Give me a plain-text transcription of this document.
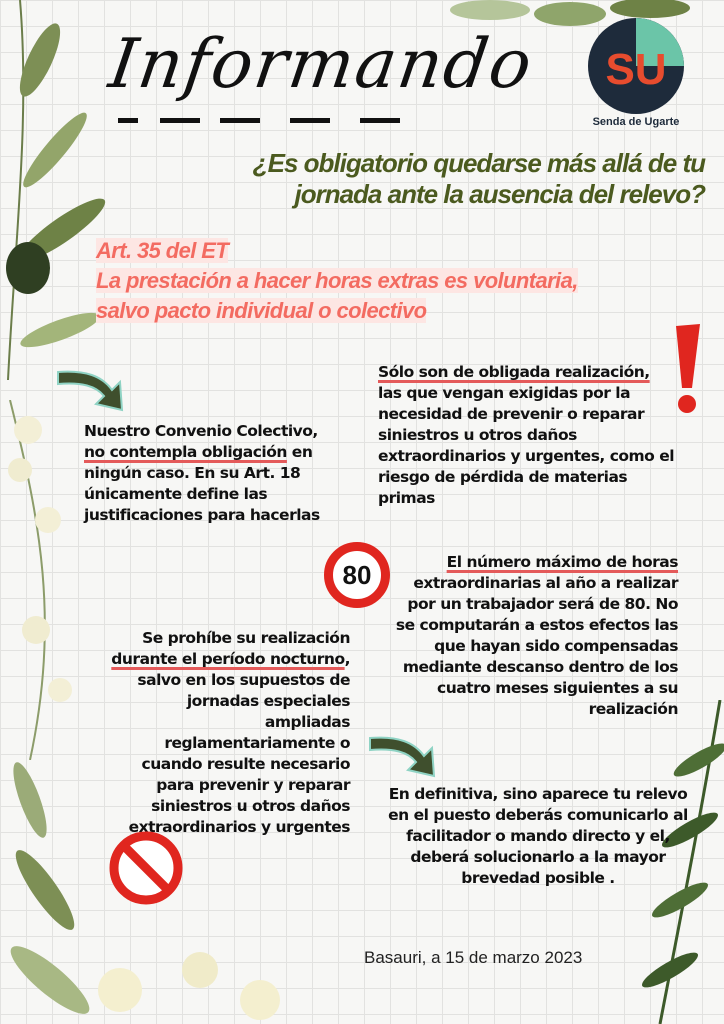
Informando SU
Senda de Ugarte
¿Es obligatorio quedarse más allá de tu jornada ante la ausencia del relevo?
Art. 35 del ET
La prestación a hacer horas extras es voluntaria, salvo pacto individual o colectivo
Nuestro Convenio Colectivo,
no contempla obligación en ningún caso. En su Art. 18 únicamente define las justificaciones para hacerlas
Sólo son de obligada realización, las que vengan exigidas por la necesidad de prevenir o reparar siniestros u otros daños extraordinarios y urgentes, como el riesgo de pérdida de materias primas
80	El número máximo de horas extraordinarias al año a realizar por un trabajador será de 80. No se computarán a estos efectos las que hayan sido compensadas mediante descanso dentro de los cuatro meses siguientes a su realización
Se prohíbe su realización
durante el período nocturno, salvo en los supuestos de jornadas especiales ampliadas reglamentariamente o cuando resulte necesario para prevenir y reparar siniestros u otros daños extraordinarios y urgentes
En definitiva, sino aparece tu relevo en el puesto deberás comunicarlo al facilitador o mando directo y el, deberá solucionarlo a la mayor brevedad posible .
Basauri, a 15 de marzo 2023
